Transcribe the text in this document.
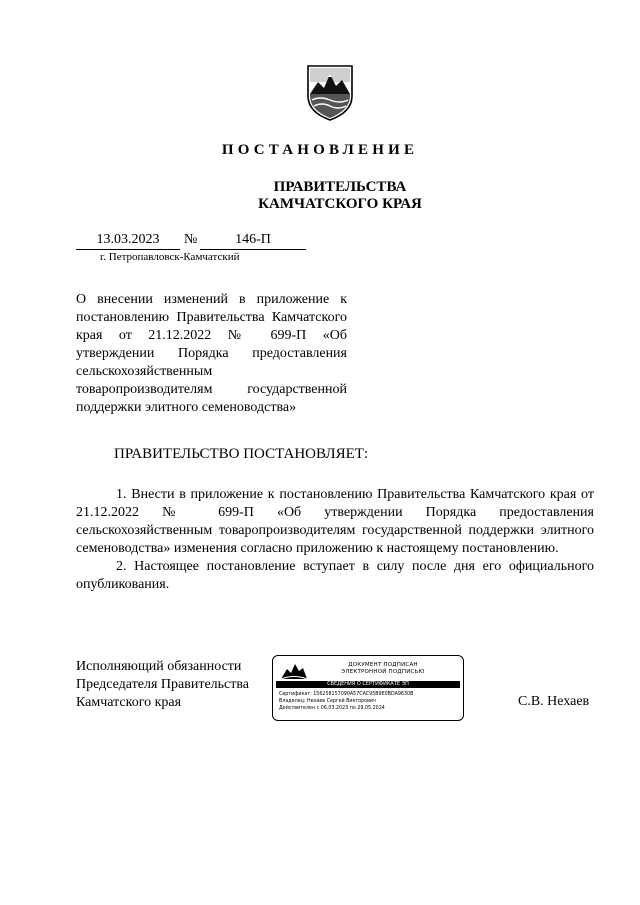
ПОСТАНОВЛЕНИЕ
ПРАВИТЕЛЬСТВА
КАМЧАТСКОГО КРАЯ
13.03.2023	№	146-П
г. Петропавловск-Камчатский
О внесении изменений в приложение к постановлению Правительства Камчатского края от 21.12.2022 № 699-П «Об утверждении Порядка предоставления сельскохозяйственным товаропроизводителям государственной поддержки элитного семеноводства»
ПРАВИТЕЛЬСТВО ПОСТАНОВЛЯЕТ:

1. Внести в приложение к постановлению Правительства Камчатского края от 21.12.2022 № 699-П «Об утверждении Порядка предоставления сельскохозяйственным товаропроизводителям государственной поддержки элитного семеноводства» изменения согласно приложению к настоящему постановлению.

2. Настоящее постановление вступает в силу после дня его официального опубликования.

Исполняющий обязанности
Председателя Правительства
Камчатского края
ДОКУМЕНТ ПОДПИСАН
ЭЛЕКТРОННОЙ ПОДПИСЬЮ
СВЕДЕНИЯ О СЕРТИФИКАТЕ ЭП
Сертификат: 156258157090A57CAC95B9E0BDA9630B
Владелец: Нехаев Сергей Викторович
Действителен с 06.03.2023 по 29.05.2024	С.В. Нехаев
